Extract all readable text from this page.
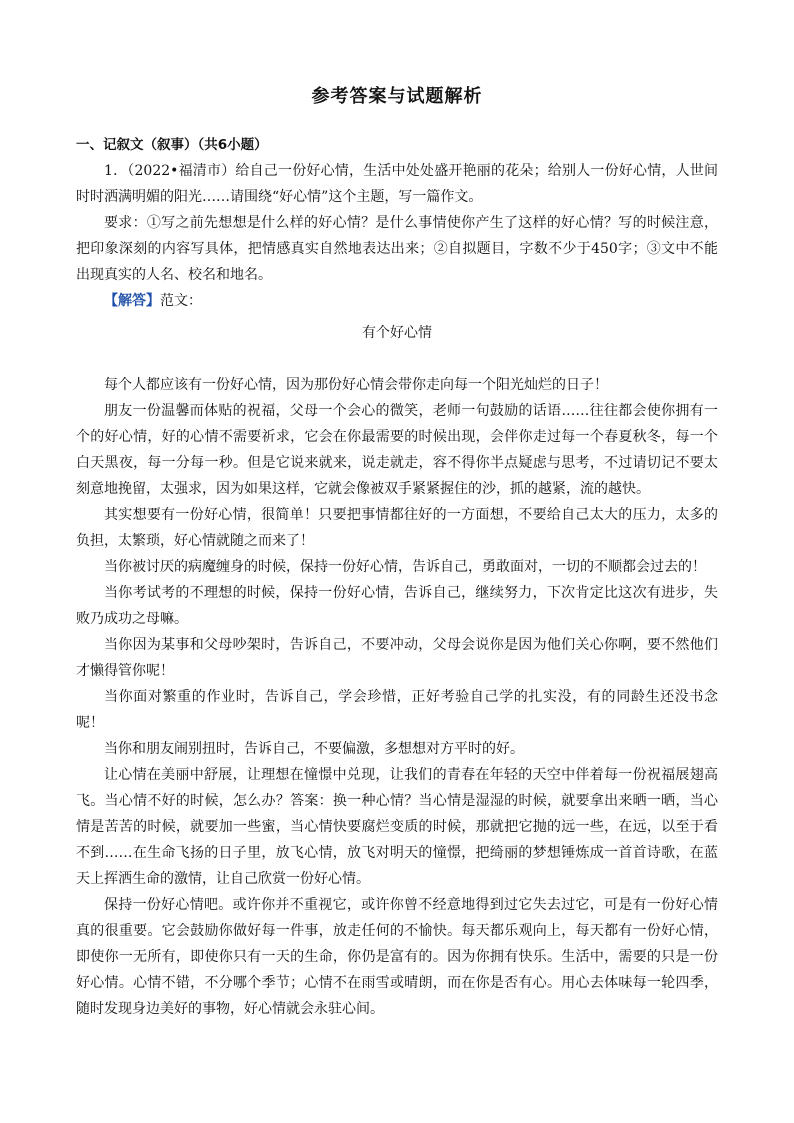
参考答案与试题解析
一、记叙文（叙事）（共6小题）

1．（2022•福清市）给自己一份好心情，生活中处处盛开艳丽的花朵；给别人一份好心情，人世间时时洒满明媚的阳光……请围绕“好心情”这个主题，写一篇作文。

要求：①写之前先想想是什么样的好心情？是什么事情使你产生了这样的好心情？写的时候注意，把印象深刻的内容写具体，把情感真实自然地表达出来；②自拟题目，字数不少于450字；③文中不能出现真实的人名、校名和地名。

【解答】范文：

有个好心情

每个人都应该有一份好心情，因为那份好心情会带你走向每一个阳光灿烂的日子！

朋友一份温馨而体贴的祝福，父母一个会心的微笑，老师一句鼓励的话语……往往都会使你拥有一个的好心情，好的心情不需要祈求，它会在你最需要的时候出现，会伴你走过每一个春夏秋冬，每一个白天黑夜，每一分每一秒。但是它说来就来，说走就走，容不得你半点疑虑与思考，不过请切记不要太刻意地挽留，太强求，因为如果这样，它就会像被双手紧紧握住的沙，抓的越紧，流的越快。

其实想要有一份好心情，很简单！只要把事情都往好的一方面想，不要给自己太大的压力，太多的负担，太繁琐，好心情就随之而来了！

当你被讨厌的病魔缠身的时候，保持一份好心情，告诉自己，勇敢面对，一切的不顺都会过去的！

当你考试考的不理想的时候，保持一份好心情，告诉自己，继续努力，下次肯定比这次有进步，失败乃成功之母嘛。

当你因为某事和父母吵架时，告诉自己，不要冲动，父母会说你是因为他们关心你啊，要不然他们才懒得管你呢！

当你面对繁重的作业时，告诉自己，学会珍惜，正好考验自己学的扎实没，有的同龄生还没书念呢！

当你和朋友闹别扭时，告诉自己，不要偏激，多想想对方平时的好。

让心情在美丽中舒展，让理想在憧憬中兑现，让我们的青春在年轻的天空中伴着每一份祝福展翅高飞。当心情不好的时候，怎么办？答案：换一种心情？当心情是湿湿的时候，就要拿出来晒一晒，当心情是苦苦的时候，就要加一些蜜，当心情快要腐烂变质的时候，那就把它抛的远一些，在远，以至于看不到……在生命飞扬的日子里，放飞心情，放飞对明天的憧憬，把绮丽的梦想锤炼成一首首诗歌，在蓝天上挥洒生命的激情，让自己欣赏一份好心情。

保持一份好心情吧。或许你并不重视它，或许你曾不经意地得到过它失去过它，可是有一份好心情真的很重要。它会鼓励你做好每一件事，放走任何的不愉快。每天都乐观向上，每天都有一份好心情，即使你一无所有，即使你只有一天的生命，你仍是富有的。因为你拥有快乐。生活中，需要的只是一份好心情。心情不错，不分哪个季节；心情不在雨雪或晴朗，而在你是否有心。用心去体味每一轮四季，随时发现身边美好的事物，好心情就会永驻心间。
